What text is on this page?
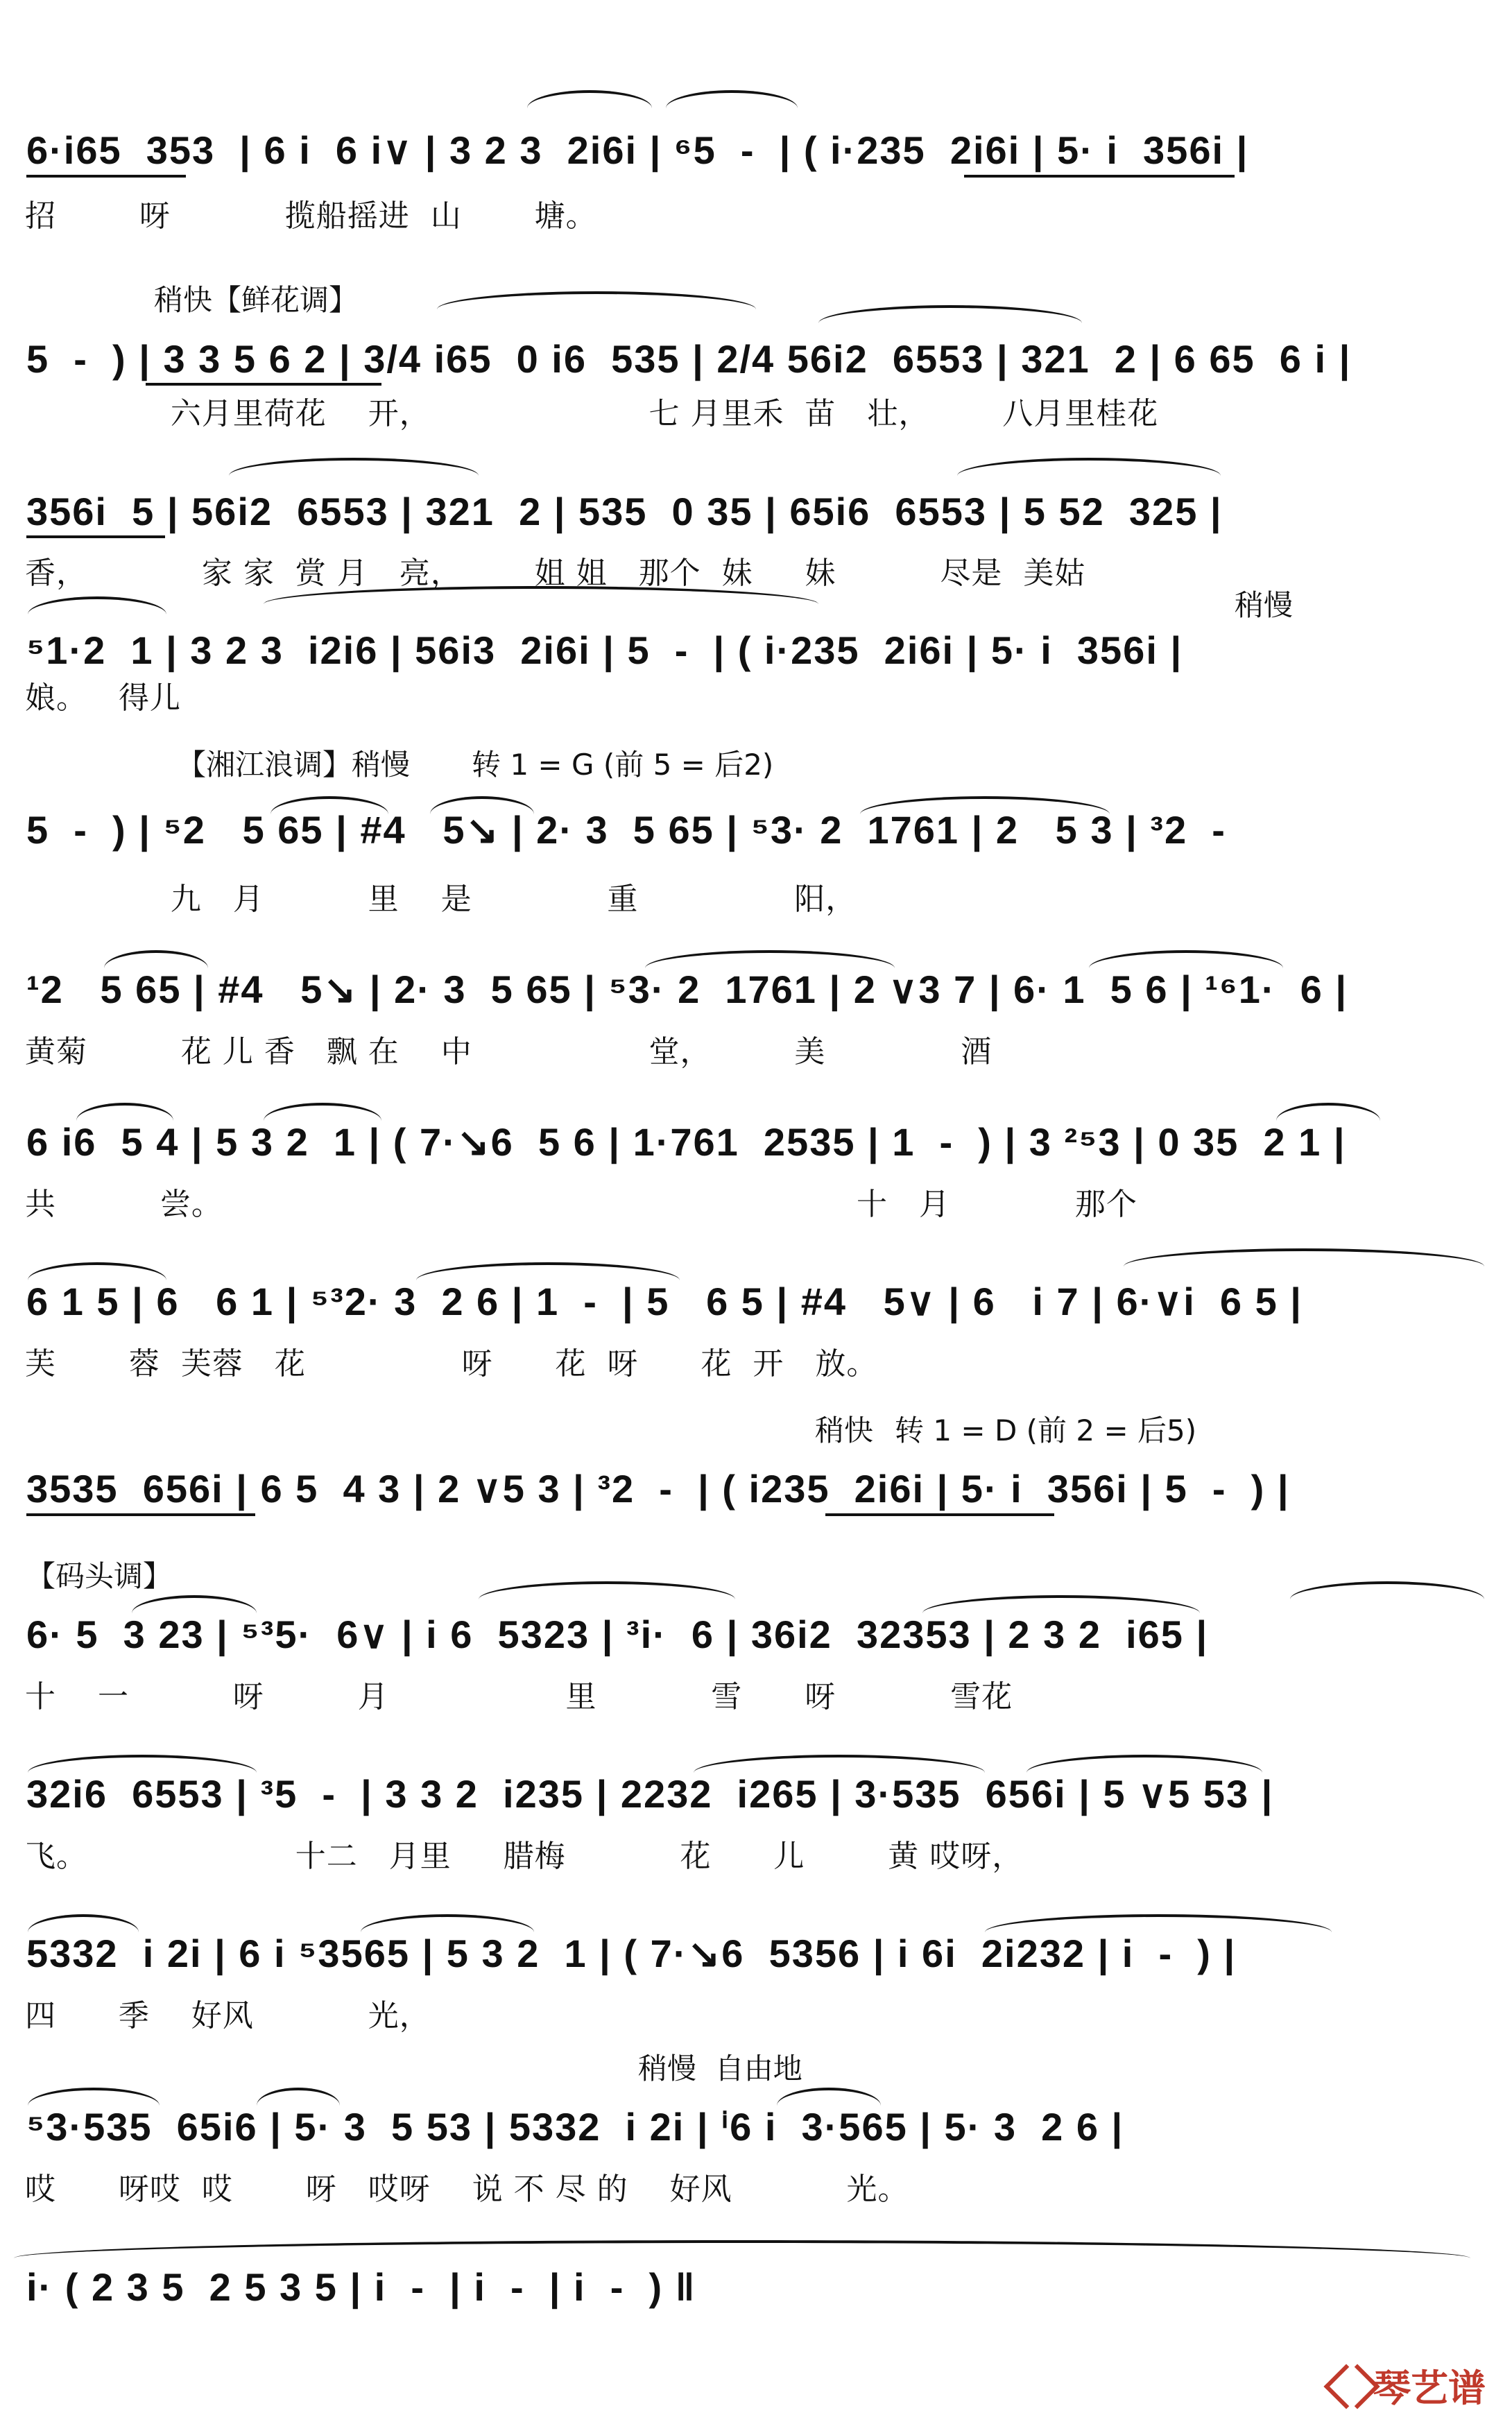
6·i65  353  | 6 i  6 i∨ | 3 2 3  2i6i | ⁶5  -  | ( i·235  2i6i | 5· i  356i |
招        呀           揽船摇进  山       塘。
稍快【鲜花调】
5  -  ) | 3 3 5 6 2 | 3/4 i65  0 i6  535 | 2/4 56i2  6553 | 321  2 | 6 65  6 i |
六月里荷花    开，                     七 月里禾  苗   壮，       八月里桂花
356i  5 | 56i2  6553 | 321  2 | 535  0 35 | 65i6  6553 | 5 52  325 |
香，           家 家  赏 月   亮，       姐 姐   那个  妹     妹          尽是  美姑
稍慢
⁵1·2  1 | 3 2 3  i2i6 | 56i3  2i6i | 5  -  | ( i·235  2i6i | 5· i  356i |
娘。   得儿
【湘江浪调】稍慢 转 1 = G (前 5 = 后2)
5  -  ) | ⁵2   5 65 | #4   5↘ | 2· 3  5 65 | ⁵3· 2  1761 | 2   5 3 | ³2  -
九   月          里    是             重               阳，
¹2   5 65 | #4   5↘ | 2· 3  5 65 | ⁵3· 2  1761 | 2 ∨3 7 | 6· 1  5 6 | ¹⁶1·  6 |
黄菊         花 儿 香   飘 在    中                 堂，        美             酒
6 i6  5 4 | 5 3 2  1 | ( 7·↘6  5 6 | 1·761  2535 | 1  -  ) | 3 ²⁵3 | 0 35  2 1 |
共          尝。                                                             十   月            那个
6 1 5 | 6   6 1 | ⁵³2· 3  2 6 | 1  -  | 5   6 5 | #4   5∨ | 6   i 7 | 6·∨i  6 5 |
芙       蓉  芙蓉   花               呀      花  呀      花  开   放。
稍快 转 1 = D (前 2 = 后5)
3535  656i | 6 5  4 3 | 2 ∨5 3 | ³2  -  | ( i235  2i6i | 5· i  356i | 5  -  ) |
【码头调】
6· 5  3 23 | ⁵³5·  6∨ | i 6  5323 | ³i·  6 | 36i2  32353 | 2 3 2  i65 |
十    一          呀         月                 里           雪      呀           雪花
32i6  6553 | ³5  -  | 3 3 2  i235 | 2232  i265 | 3·535  656i | 5 ∨5 53 |
飞。                    十二   月里     腊梅           花      儿        黄 哎呀，
5332  i 2i | 6 i ⁵3565 | 5 3 2  1 | ( 7·↘6  5356 | i 6i  2i232 | i  -  ) |
四      季    好风           光，
稍慢  自由地
⁵3·535  65i6 | 5· 3  5 53 | 5332  i 2i | ⁱ6 i  3·565 | 5· 3  2 6 |
哎      呀哎  哎       呀   哎呀    说 不 尽 的    好风           光。
i· ( 2 3 5  2 5 3 5 | i  -  | i  -  | i  -  ) ‖
琴艺谱
